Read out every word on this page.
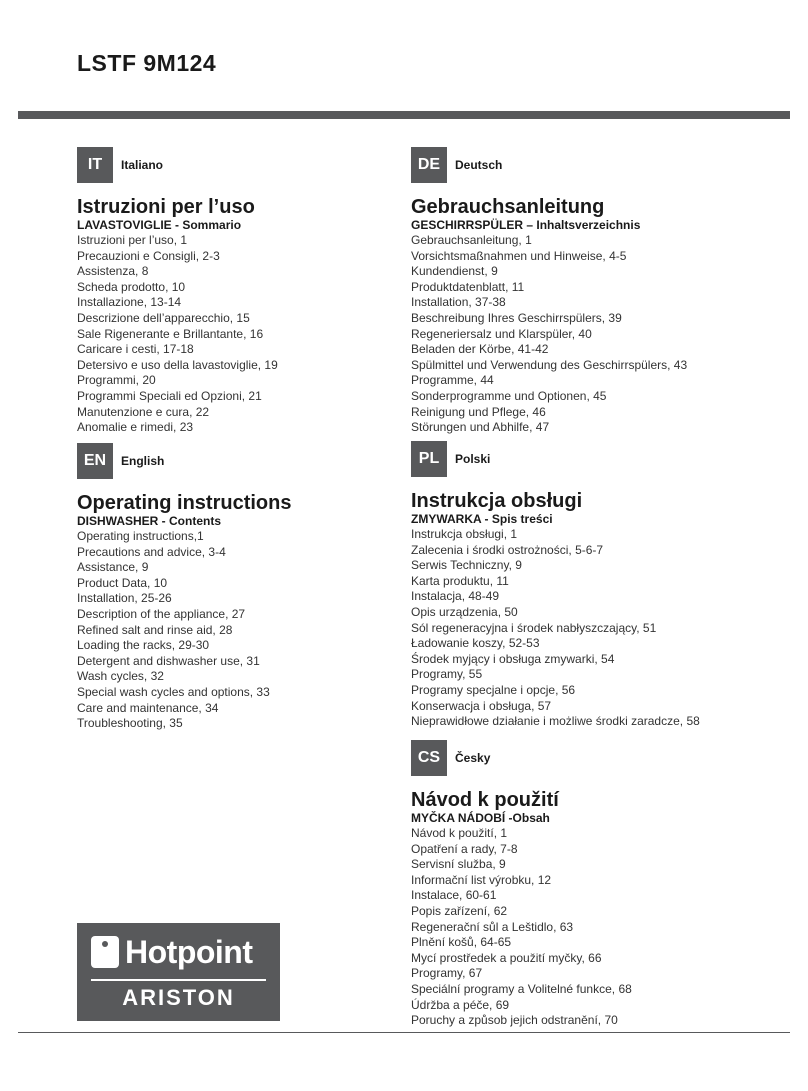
LSTF 9M124
IT	Italiano
Istruzioni per l’uso
LAVASTOVIGLIE - Sommario
Istruzioni per l’uso, 1
Precauzioni e Consigli, 2-3
Assistenza, 8
Scheda prodotto, 10
Installazione, 13-14
Descrizione dell’apparecchio, 15
Sale Rigenerante e Brillantante, 16
Caricare i cesti, 17-18
Detersivo e uso della lavastoviglie, 19
Programmi, 20
Programmi Speciali ed Opzioni, 21
Manutenzione e cura, 22
Anomalie e rimedi, 23
EN	English
Operating instructions
DISHWASHER - Contents
Operating instructions,1
Precautions and advice, 3-4
Assistance, 9
Product Data, 10
Installation, 25-26
Description of the appliance, 27
Refined salt and rinse aid, 28
Loading the racks, 29-30
Detergent and dishwasher use, 31
Wash cycles, 32
Special wash cycles and options, 33
Care and maintenance, 34
Troubleshooting, 35
DE	Deutsch
Gebrauchsanleitung
GESCHIRRSPÜLER – Inhaltsverzeichnis
Gebrauchsanleitung, 1
Vorsichtsmaßnahmen und Hinweise, 4-5
Kundendienst, 9
Produktdatenblatt, 11
Installation, 37-38
Beschreibung Ihres Geschirrspülers, 39
Regeneriersalz und Klarspüler, 40
Beladen der Körbe, 41-42
Spülmittel und Verwendung des Geschirrspülers, 43
Programme, 44
Sonderprogramme und Optionen, 45
Reinigung und Pflege, 46
Störungen und Abhilfe, 47
PL	Polski
Instrukcja obsługi
ZMYWARKA - Spis treści
Instrukcja obsługi, 1
Zalecenia i środki ostrożności, 5-6-7
Serwis Techniczny, 9
Karta produktu, 11
Instalacja, 48-49
Opis urządzenia, 50
Sól regeneracyjna i środek nabłyszczający, 51
Ładowanie koszy, 52-53
Środek myjący i obsługa zmywarki, 54
Programy, 55
Programy specjalne i opcje, 56
Konserwacja i obsługa, 57
Nieprawidłowe działanie i możliwe środki zaradcze, 58
CS	Česky
Návod k použití
MYČKA NÁDOBÍ -Obsah
Návod k použití, 1
Opatření a rady, 7-8
Servisní služba, 9
Informační list výrobku, 12
Instalace, 60-61
Popis zařízení, 62
Regenerační sůl a Leštidlo, 63
Plnění košů, 64-65
Mycí prostředek a použití myčky, 66
Programy, 67
Speciální programy a Volitelné funkce, 68
Údržba a péče, 69
Poruchy a způsob jejich odstranění, 70
Hotpoint
ARISTON
